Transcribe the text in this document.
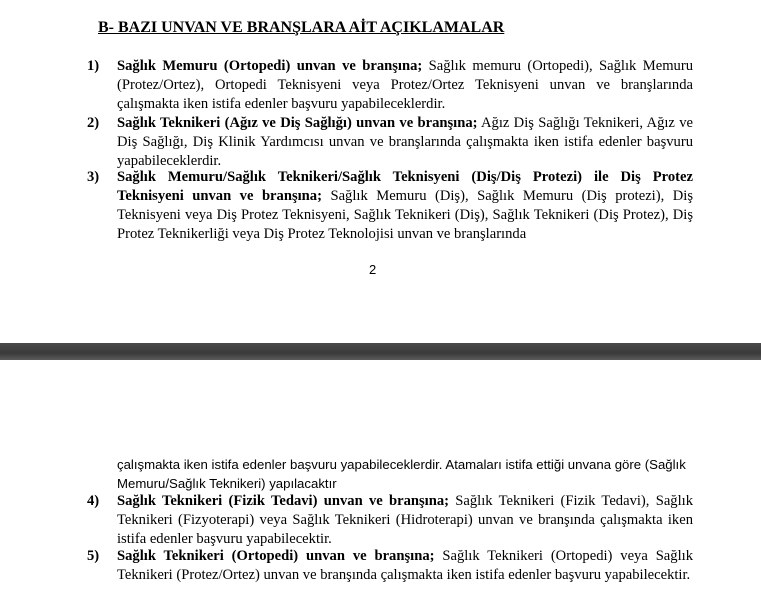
B- BAZI UNVAN VE BRANŞLARA AİT AÇIKLAMALAR
1) Sağlık Memuru (Ortopedi) unvan ve branşına; Sağlık memuru (Ortopedi), Sağlık Memuru (Protez/Ortez), Ortopedi Teknisyeni veya Protez/Ortez Teknisyeni unvan ve branşlarında çalışmakta iken istifa edenler başvuru yapabileceklerdir.
2) Sağlık Teknikeri (Ağız ve Diş Sağlığı) unvan ve branşına; Ağız Diş Sağlığı Teknikeri, Ağız ve Diş Sağlığı, Diş Klinik Yardımcısı unvan ve branşlarında çalışmakta iken istifa edenler başvuru yapabileceklerdir.
3) Sağlık Memuru/Sağlık Teknikeri/Sağlık Teknisyeni (Diş/Diş Protezi) ile Diş Protez Teknisyeni unvan ve branşına; Sağlık Memuru (Diş), Sağlık Memuru (Diş protezi), Diş Teknisyeni veya Diş Protez Teknisyeni, Sağlık Teknikeri (Diş), Sağlık Teknikeri (Diş Protez), Diş Protez Teknikerliği veya Diş Protez Teknolojisi unvan ve branşlarında
2
çalışmakta iken istifa edenler başvuru yapabileceklerdir. Atamaları istifa ettiği unvana göre (Sağlık Memuru/Sağlık Teknikeri) yapılacaktır
4) Sağlık Teknikeri (Fizik Tedavi) unvan ve branşına; Sağlık Teknikeri (Fizik Tedavi), Sağlık Teknikeri (Fizyoterapi) veya Sağlık Teknikeri (Hidroterapi) unvan ve branşında çalışmakta iken istifa edenler başvuru yapabilecektir.
5) Sağlık Teknikeri (Ortopedi) unvan ve branşına; Sağlık Teknikeri (Ortopedi) veya Sağlık Teknikeri (Protez/Ortez) unvan ve branşında çalışmakta iken istifa edenler başvuru yapabilecektir.
